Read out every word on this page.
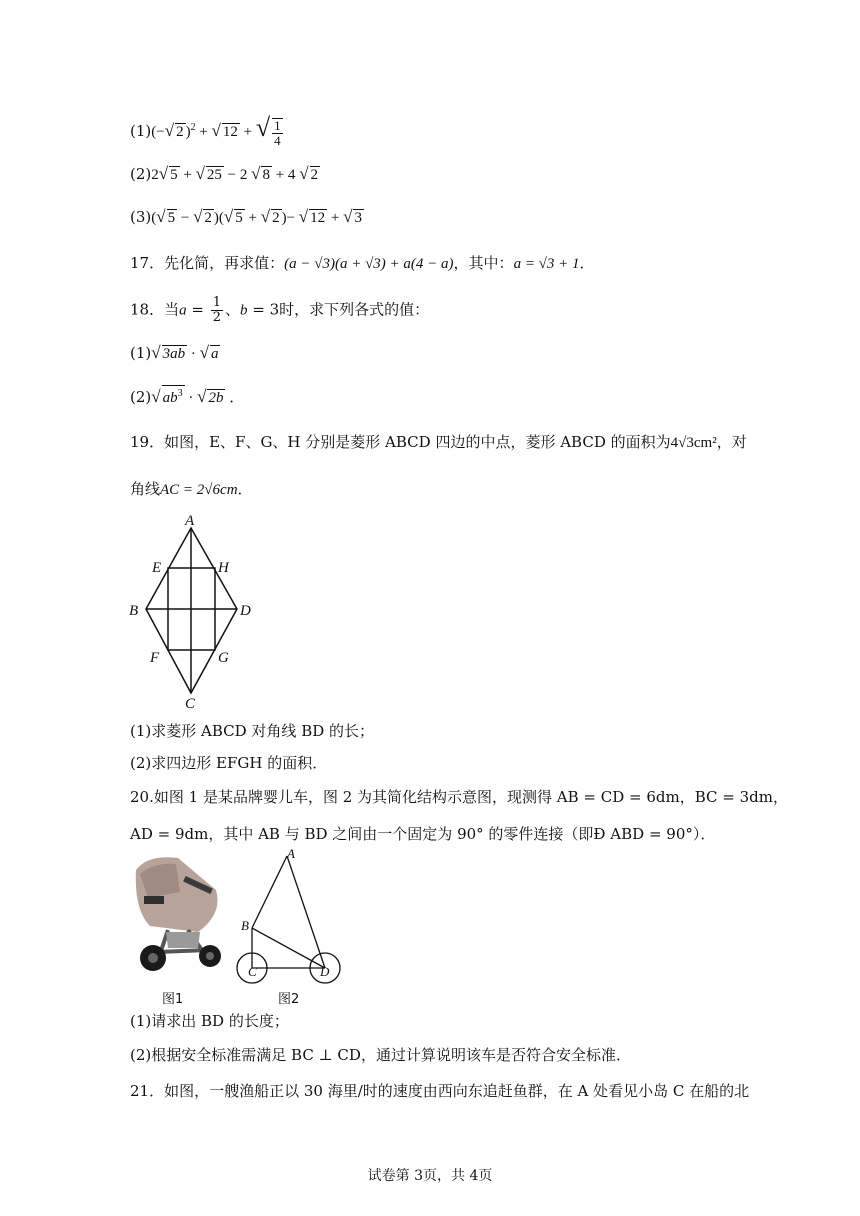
(1)(−√ 2 )$^2$ + √ 12 + √ $\frac{1}{4}$
(2)2√ 5 + √ 25 − 2 √ 8 + 4 √ 2
(3)(√ 5 − √ 2 )(√ 5 + √ 2 )− √ 12 + √ 3
17．先化简，再求值：(a − √3)(a + √3) + a(4 − a)，其中：a = √3 + 1．
18．当$a = \frac{1}{2}$ 、b = 3时，求下列各式的值：
(1)√ 3ab · √ a
(2)√ $ab^3$ · √ 2b ．
19．如图，E、F、G、H 分别是菱形 ABCD 四边的中点，菱形 ABCD 的面积为4√3cm²，对
角线AC = 2√6cm．
A
E	H
B	D
F	G
C
(1)求菱形 ABCD 对角线 BD 的长；
(2)求四边形 EFGH 的面积．
20.如图 1 是某品牌婴儿车，图 2 为其简化结构示意图，现测得 AB = CD = 6dm，BC = 3dm，
AD = 9dm，其中 AB 与 BD 之间由一个固定为 90° 的零件连接（即Ð ABD = 90°）．
A
B
C	D
图1	图2
(1)请求出 BD 的长度；
(2)根据安全标准需满足 BC ⊥ CD，通过计算说明该车是否符合安全标准．
21．如图，一艘渔船正以 30 海里/时的速度由西向东追赶鱼群，在 A 处看见小岛 C 在船的北
试卷第 3页，共 4页
